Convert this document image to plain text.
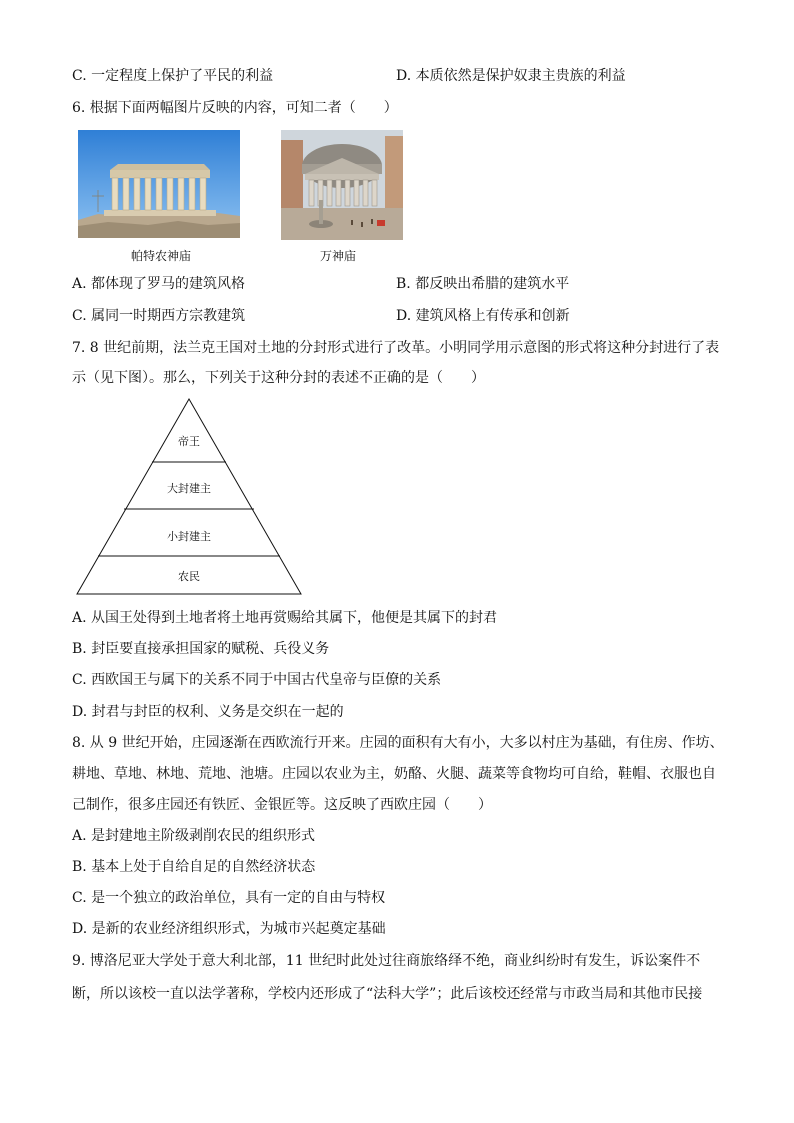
C. 一定程度上保护了平民的利益	D. 本质依然是保护奴隶主贵族的利益
6. 根据下面两幅图片反映的内容，可知二者（　　）
帕特农神庙	万神庙
A. 都体现了罗马的建筑风格	B. 都反映出希腊的建筑水平
C. 属同一时期西方宗教建筑	D. 建筑风格上有传承和创新
7. 8 世纪前期，法兰克王国对土地的分封形式进行了改革。小明同学用示意图的形式将这种分封进行了表
示（见下图）。那么，下列关于这种分封的表述不正确的是（　　）
帝王
大封建主
小封建主
农民
A. 从国王处得到土地者将土地再赏赐给其属下，他便是其属下的封君
B. 封臣要直接承担国家的赋税、兵役义务
C. 西欧国王与属下的关系不同于中国古代皇帝与臣僚的关系
D. 封君与封臣的权利、义务是交织在一起的
8. 从 9 世纪开始，庄园逐渐在西欧流行开来。庄园的面积有大有小，大多以村庄为基础，有住房、作坊、
耕地、草地、林地、荒地、池塘。庄园以农业为主，奶酪、火腿、蔬菜等食物均可自给，鞋帽、衣服也自
己制作，很多庄园还有铁匠、金银匠等。这反映了西欧庄园（　　）
A. 是封建地主阶级剥削农民的组织形式
B. 基本上处于自给自足的自然经济状态
C. 是一个独立的政治单位，具有一定的自由与特权
D. 是新的农业经济组织形式，为城市兴起奠定基础
9. 博洛尼亚大学处于意大利北部，11 世纪时此处过往商旅络绎不绝，商业纠纷时有发生，诉讼案件不
断，所以该校一直以法学著称，学校内还形成了“法科大学”；此后该校还经常与市政当局和其他市民接
